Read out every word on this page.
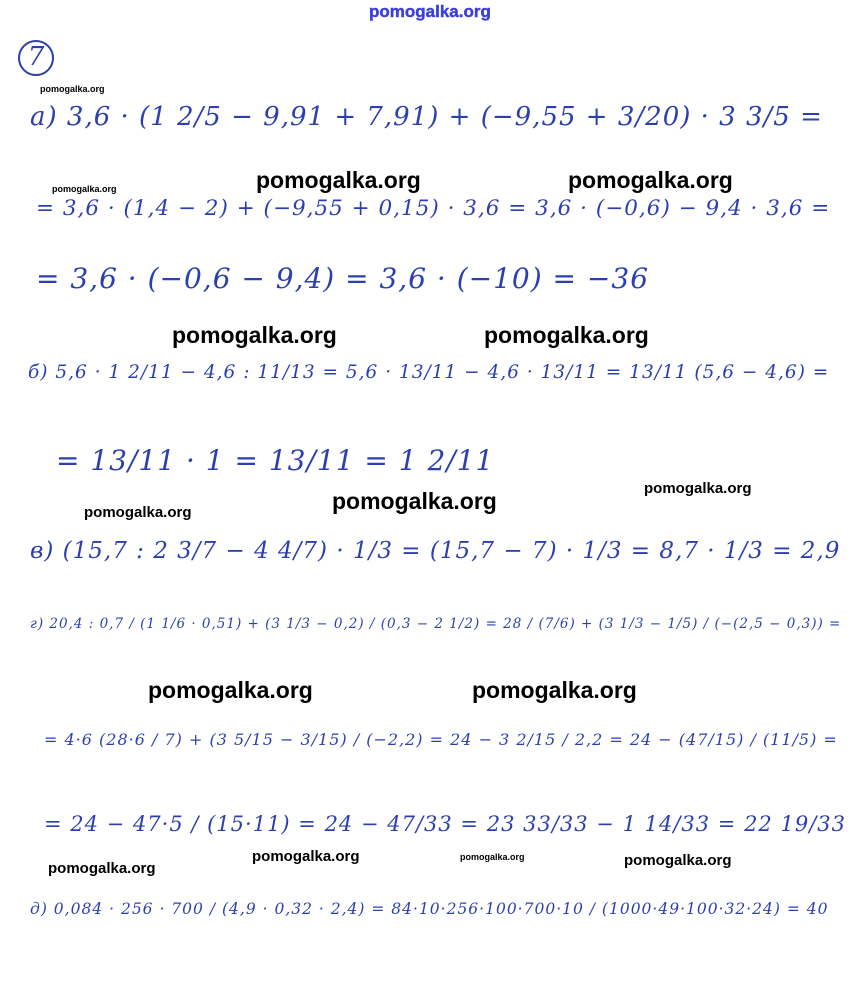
pomogalka.org
pomogalka.org
pomogalka.org	pomogalka.org
pomogalka.org
pomogalka.org	pomogalka.org
pomogalka.org	pomogalka.org
pomogalka.org
pomogalka.org	pomogalka.org
pomogalka.org	pomogalka.org	pomogalka.org
pomogalka.org
7
а) 3,6 · (1 2/5 − 9,91 + 7,91) + (−9,55 + 3/20) · 3 3/5 =
= 3,6 · (1,4 − 2) + (−9,55 + 0,15) · 3,6 = 3,6 · (−0,6) − 9,4 · 3,6 =
= 3,6 · (−0,6 − 9,4) = 3,6 · (−10) = −36
б) 5,6 · 1 2/11 − 4,6 : 11/13 = 5,6 · 13/11 − 4,6 · 13/11 = 13/11 (5,6 − 4,6) =
= 13/11 · 1 = 13/11 = 1 2/11
в) (15,7 : 2 3/7 − 4 4/7) · 1/3 = (15,7 − 7) · 1/3 = 8,7 · 1/3 = 2,9
г) 20,4 : 0,7 / (1 1/6 · 0,51) + (3 1/3 − 0,2) / (0,3 − 2 1/2) = 28 / (7/6) + (3 1/3 − 1/5) / (−(2,5 − 0,3)) =
= 4·6 (28·6 / 7) + (3 5/15 − 3/15) / (−2,2) = 24 − 3 2/15 / 2,2 = 24 − (47/15) / (11/5) =
= 24 − 47·5 / (15·11) = 24 − 47/33 = 23 33/33 − 1 14/33 = 22 19/33
д) 0,084 · 256 · 700 / (4,9 · 0,32 · 2,4) = 84·10·256·100·700·10 / (1000·49·100·32·24) = 40
